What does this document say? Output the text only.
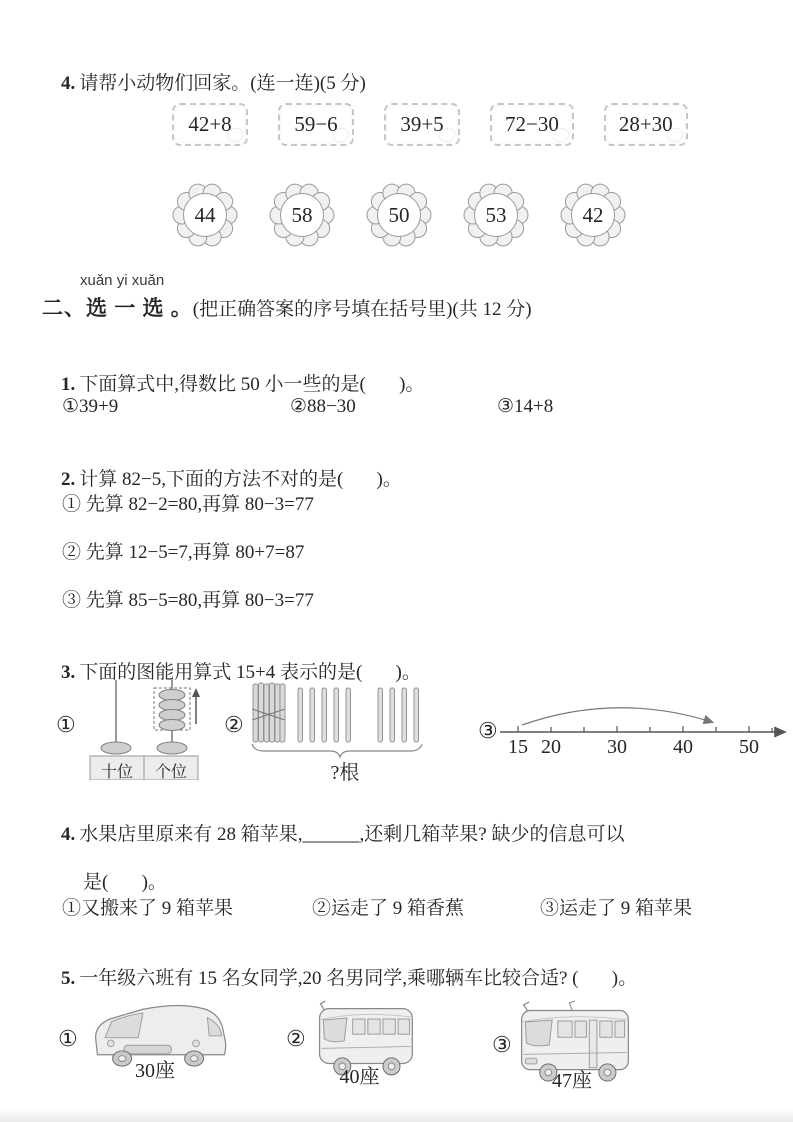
4. 请帮小动物们回家。(连一连)(5 分)

42+8	59−6	39+5	72−30	28+30
44	58	50	53	42
xuǎn yi xuǎn
二、选 一 选 。(把正确答案的序号填在括号里)(共 12 分)

1. 下面算式中,得数比 50 小一些的是(       )。

①39+9	②88−30	③14+8

2. 计算 82−5,下面的方法不对的是(       )。

① 先算 82−2=80,再算 80−3=77
② 先算 12−5=7,再算 80+7=87
③ 先算 85−5=80,再算 80−3=77

3. 下面的图能用算式 15+4 表示的是(       )。

①
十位	个位
②
?根
③
15 20 30 40 50

4. 水果店里原来有 28 箱苹果,______,还剩几箱苹果? 缺少的信息可以

是(       )。

①又搬来了 9 箱苹果	②运走了 9 箱香蕉	③运走了 9 箱苹果

5. 一年级六班有 15 名女同学,20 名男同学,乘哪辆车比较合适? (       )。

①
30座
②
40座
③
47座
